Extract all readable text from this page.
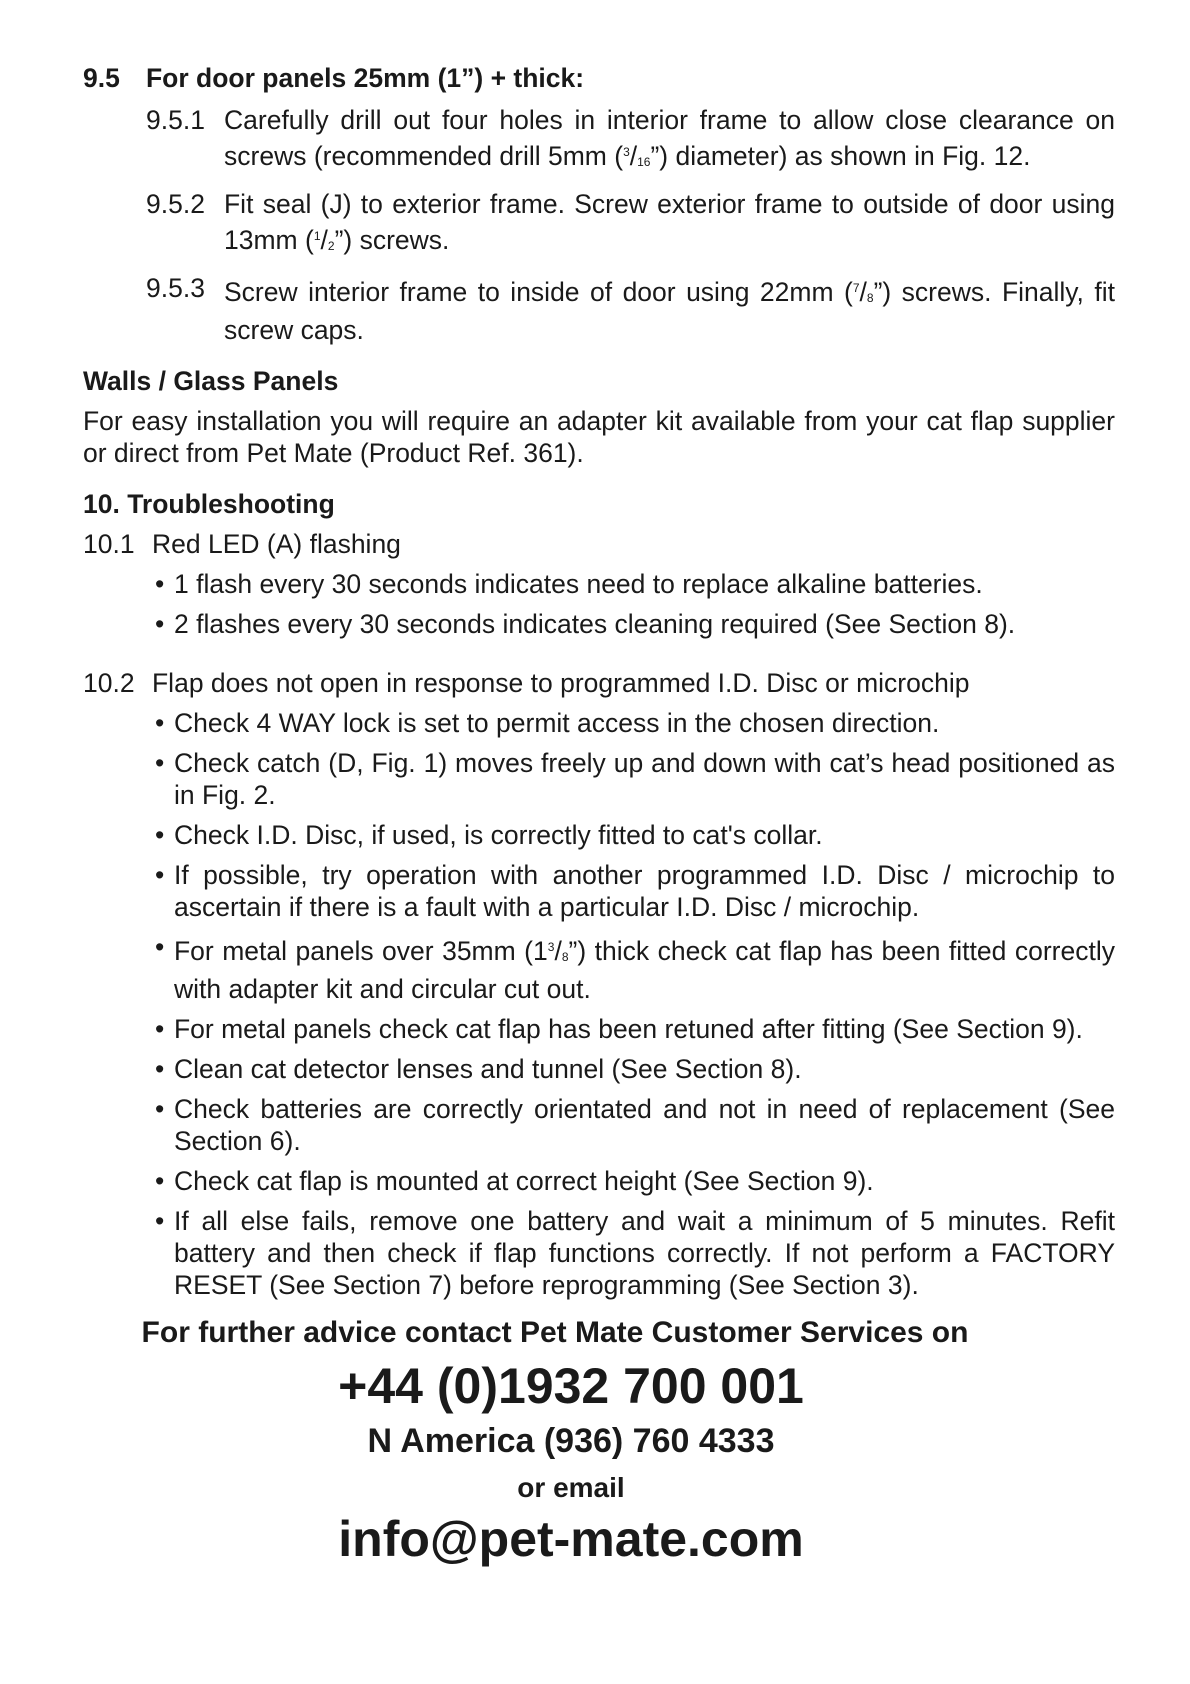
9.5 For door panels 25mm (1”) + thick:
9.5.1 Carefully drill out four holes in interior frame to allow close clearance on screws (recommended drill 5mm ($^3$/16”) diameter) as shown in Fig. 12.
9.5.2 Fit seal (J) to exterior frame. Screw exterior frame to outside of door using 13mm ($^1$/2”) screws.
9.5.3 Screw interior frame to inside of door using 22mm ($^7$/8”) screws. Finally, fit screw caps.
Walls / Glass Panels
For easy installation you will require an adapter kit available from your cat flap supplier or direct from Pet Mate (Product Ref. 361).
10. Troubleshooting
10.1 Red LED (A) flashing
• 1 flash every 30 seconds indicates need to replace alkaline batteries.
• 2 flashes every 30 seconds indicates cleaning required (See Section 8).
10.2 Flap does not open in response to programmed I.D. Disc or microchip
• Check 4 WAY lock is set to permit access in the chosen direction.
• Check catch (D, Fig. 1) moves freely up and down with cat’s head positioned as in Fig. 2.
• Check I.D. Disc, if used, is correctly fitted to cat's collar.
• If possible, try operation with another programmed I.D. Disc / microchip to ascertain if there is a fault with a particular I.D. Disc / microchip.
• For metal panels over 35mm $(1^3/8”)$ thick check cat flap has been fitted correctly with adapter kit and circular cut out.
• For metal panels check cat flap has been retuned after fitting (See Section 9).
• Clean cat detector lenses and tunnel (See Section 8).
• Check batteries are correctly orientated and not in need of replacement (See Section 6).
• Check cat flap is mounted at correct height (See Section 9).
• If all else fails, remove one battery and wait a minimum of 5 minutes. Refit battery and then check if flap functions correctly. If not perform a FACTORY RESET (See Section 7) before reprogramming (See Section 3).
For further advice contact Pet Mate Customer Services on
+44 (0)1932 700 001
N America (936) 760 4333
or email
info@pet-mate.com
